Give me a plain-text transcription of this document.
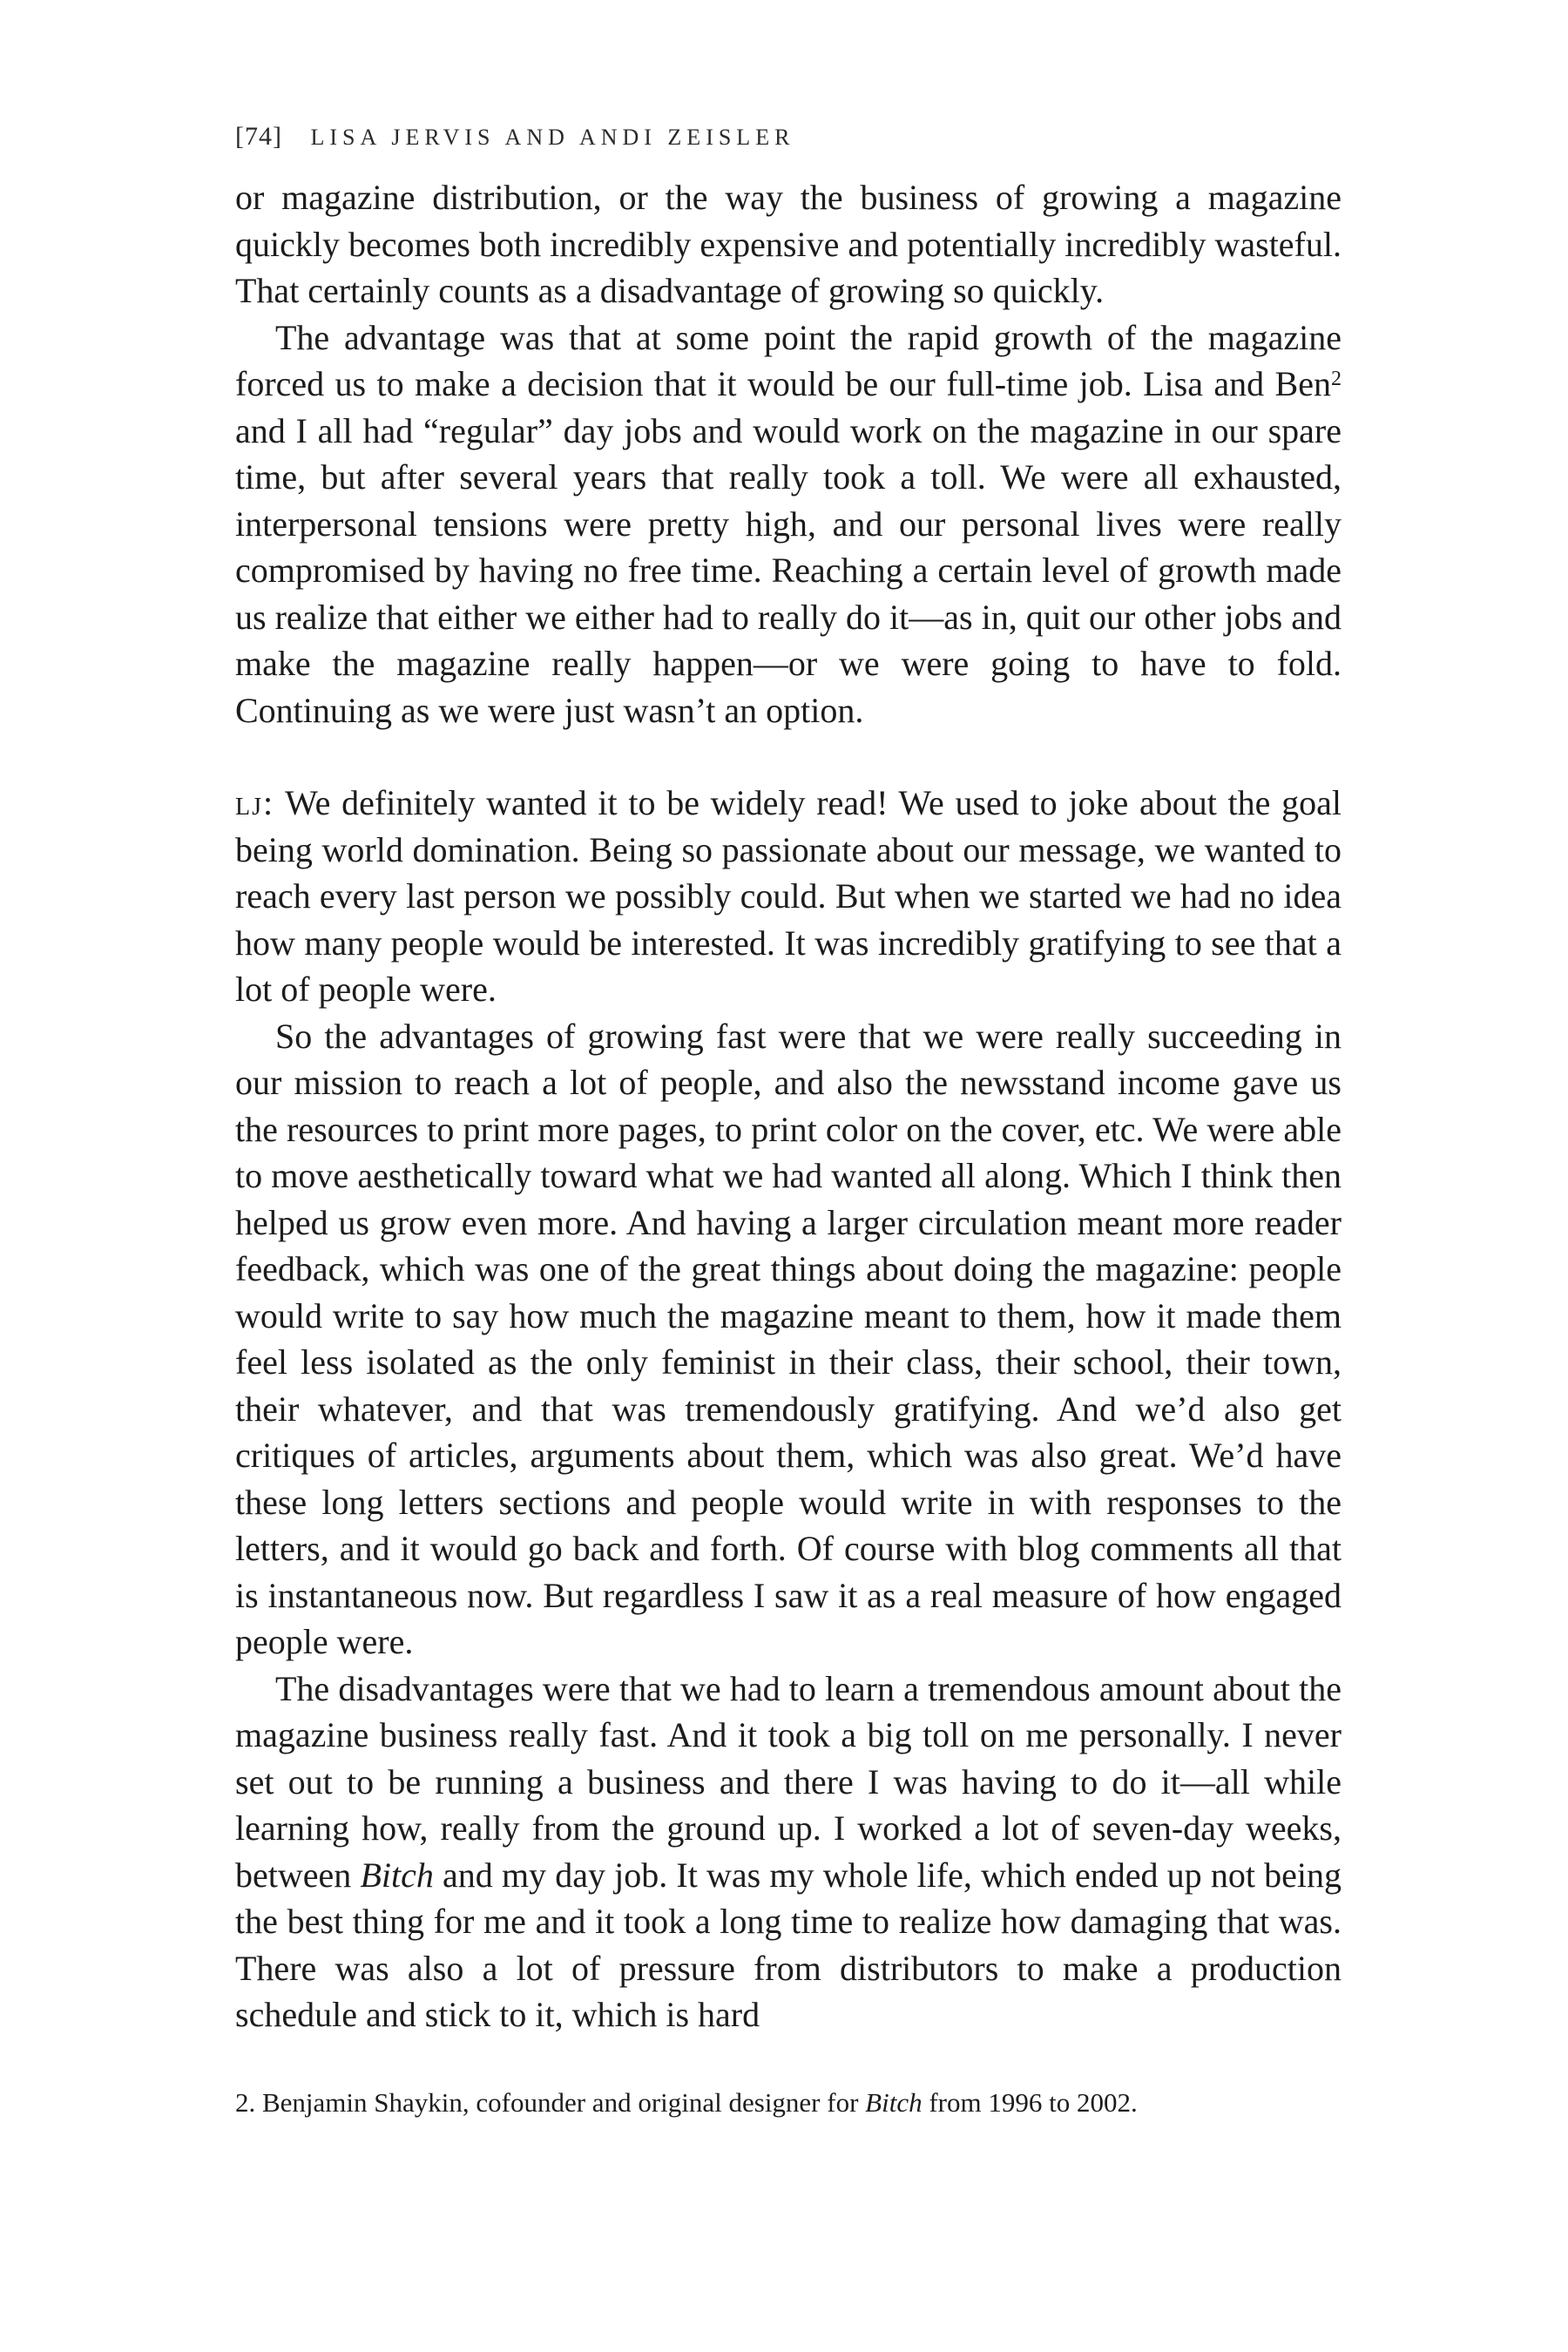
[74] LISA JERVIS AND ANDI ZEISLER

or magazine distribution, or the way the business of growing a magazine quickly becomes both incredibly expensive and potentially incredibly wasteful. That certainly counts as a disadvantage of growing so quickly.

The advantage was that at some point the rapid growth of the magazine forced us to make a decision that it would be our full-time job. Lisa and Ben$^2$ and I all had “regular” day jobs and would work on the magazine in our spare time, but after several years that really took a toll. We were all exhausted, interpersonal tensions were pretty high, and our personal lives were really compromised by having no free time. Reaching a certain level of growth made us realize that either we either had to really do it—as in, quit our other jobs and make the magazine really happen—or we were going to have to fold. Continuing as we were just wasn’t an option.

lj: We definitely wanted it to be widely read! We used to joke about the goal being world domination. Being so passionate about our message, we wanted to reach every last person we possibly could. But when we started we had no idea how many people would be interested. It was incredibly gratifying to see that a lot of people were.

So the advantages of growing fast were that we were really succeeding in our mission to reach a lot of people, and also the newsstand income gave us the resources to print more pages, to print color on the cover, etc. We were able to move aesthetically toward what we had wanted all along. Which I think then helped us grow even more. And having a larger circulation meant more reader feedback, which was one of the great things about doing the magazine: people would write to say how much the magazine meant to them, how it made them feel less isolated as the only feminist in their class, their school, their town, their whatever, and that was tremendously gratifying. And we’d also get critiques of articles, arguments about them, which was also great. We’d have these long letters sections and people would write in with responses to the letters, and it would go back and forth. Of course with blog comments all that is instantaneous now. But regardless I saw it as a real measure of how engaged people were.

The disadvantages were that we had to learn a tremendous amount about the magazine business really fast. And it took a big toll on me personally. I never set out to be running a business and there I was having to do it—all while learning how, really from the ground up. I worked a lot of seven-day weeks, between Bitch and my day job. It was my whole life, which ended up not being the best thing for me and it took a long time to realize how damaging that was. There was also a lot of pressure from distributors to make a production schedule and stick to it, which is hard

2. Benjamin Shaykin, cofounder and original designer for Bitch from 1996 to 2002.
